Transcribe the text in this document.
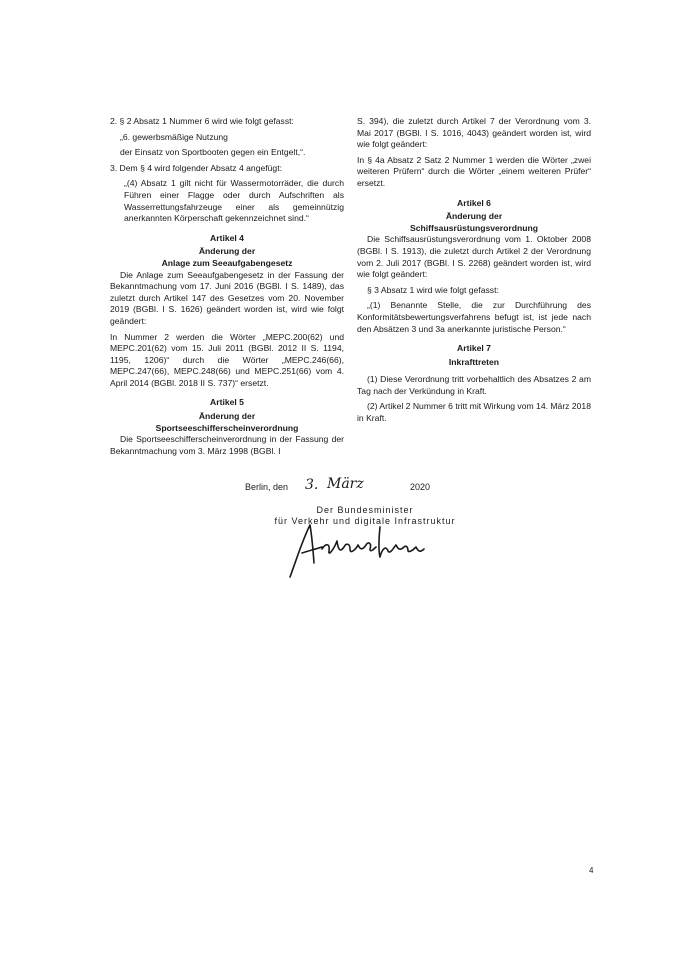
2. § 2 Absatz 1 Nummer 6 wird wie folgt gefasst:

„6. gewerbsmäßige Nutzung

der Einsatz von Sportbooten gegen ein Entgelt,“.

3. Dem § 4 wird folgender Absatz 4 angefügt:

„(4) Absatz 1 gilt nicht für Wassermotorräder, die durch Führen einer Flagge oder durch Aufschriften als Wasserrettungsfahrzeuge einer als gemeinnützig anerkannten Körperschaft gekennzeichnet sind.“

Artikel 4

Änderung der

Anlage zum Seeaufgabengesetz

Die Anlage zum Seeaufgabengesetz in der Fassung der Bekanntmachung vom 17. Juni 2016 (BGBl. I S. 1489), das zuletzt durch Artikel 147 des Gesetzes vom 20. November 2019 (BGBl. I S. 1626) geändert worden ist, wird wie folgt geändert:

In Nummer 2 werden die Wörter „MEPC.200(62) und MEPC.201(62) vom 15. Juli 2011 (BGBl. 2012 II S. 1194, 1195, 1206)“ durch die Wörter „MEPC.246(66), MEPC.247(66), MEPC.248(66) und MEPC.251(66) vom 4. April 2014 (BGBl. 2018 II S. 737)“ ersetzt.

Artikel 5

Änderung der

Sportseeschifferscheinverordnung

Die Sportseeschifferscheinverordnung in der Fassung der Bekanntmachung vom 3. März 1998 (BGBl. I

S. 394), die zuletzt durch Artikel 7 der Verordnung vom 3. Mai 2017 (BGBl. I S. 1016, 4043) geändert worden ist, wird wie folgt geändert:

In § 4a Absatz 2 Satz 2 Nummer 1 werden die Wörter „zwei weiteren Prüfern“ durch die Wörter „einem weiteren Prüfer“ ersetzt.

Artikel 6

Änderung der

Schiffsausrüstungsverordnung

Die Schiffsausrüstungsverordnung vom 1. Oktober 2008 (BGBl. I S. 1913), die zuletzt durch Artikel 2 der Verordnung vom 2. Juli 2017 (BGBl. I S. 2268) geändert worden ist, wird wie folgt geändert:

§ 3 Absatz 1 wird wie folgt gefasst:

„(1) Benannte Stelle, die zur Durchführung des Konformitätsbewertungsverfahrens befugt ist, ist jede nach den Absätzen 3 und 3a anerkannte juristische Person.“

Artikel 7

Inkrafttreten

(1) Diese Verordnung tritt vorbehaltlich des Absatzes 2 am Tag nach der Verkündung in Kraft.

(2) Artikel 2 Nummer 6 tritt mit Wirkung vom 14. März 2018 in Kraft.

Berlin, den 3. März	2020
Der Bundesminister
für Verkehr und digitale Infrastruktur
4
